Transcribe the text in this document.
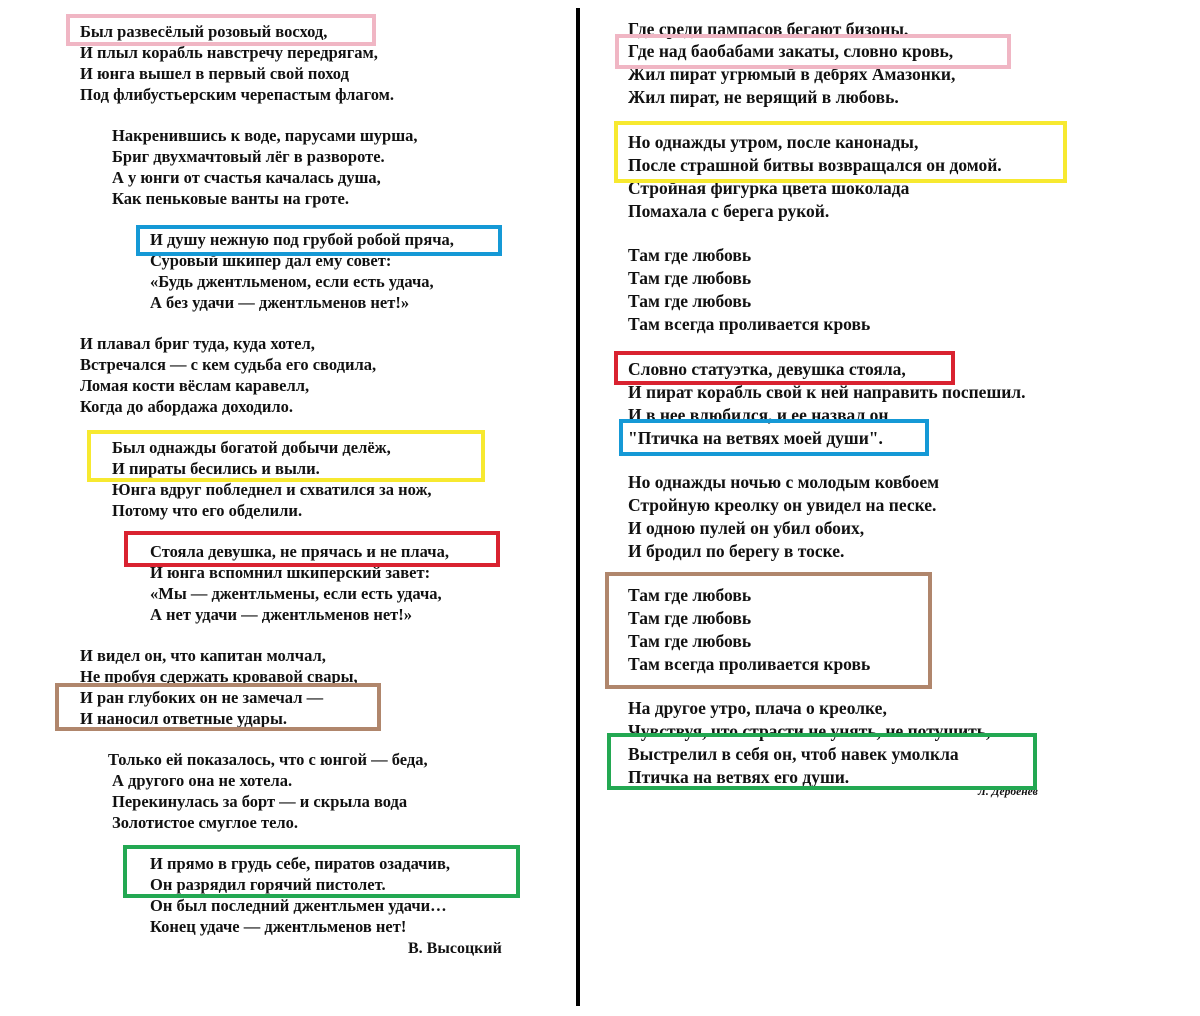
Был развесёлый розовый восход,
И плыл корабль навстречу передрягам,
И юнга вышел в первый свой поход
Под флибустьерским черепастым флагом.
Накренившись к воде, парусами шурша,
Бриг двухмачтовый лёг в развороте.
А у юнги от счастья качалась душа,
Как пеньковые ванты на гроте.
И душу нежную под грубой робой пряча,
Суровый шкипер дал ему совет:
«Будь джентльменом, если есть удача,
А без удачи — джентльменов нет!»
И плавал бриг туда, куда хотел,
Встречался — с кем судьба его сводила,
Ломая кости вёслам каравелл,
Когда до абордажа доходило.
Был однажды богатой добычи делёж,
И пираты бесились и выли.
Юнга вдруг побледнел и схватился за нож,
Потому что его обделили.
Стояла девушка, не прячась и не плача,
И юнга вспомнил шкиперский завет:
«Мы — джентльмены, если есть удача,
А нет удачи — джентльменов нет!»
И видел он, что капитан молчал,
Не пробуя сдержать кровавой свары,
И ран глубоких он не замечал —
И наносил ответные удары.
Только ей показалось, что с юнгой — беда,
А другого она не хотела.
Перекинулась за борт — и скрыла вода
Золотистое смуглое тело.
И прямо в грудь себе, пиратов озадачив,
Он разрядил горячий пистолет.
Он был последний джентльмен удачи…
Конец удаче — джентльменов нет!
В. Высоцкий
Где среди пампасов бегают бизоны,
Где над баобабами закаты, словно кровь,
Жил пират угрюмый в дебрях Амазонки,
Жил пират, не верящий в любовь.
Но однажды утром, после канонады,
После страшной битвы возвращался он домой.
Стройная фигурка цвета шоколада
Помахала с берега рукой.
Там где любовь
Там где любовь
Там где любовь
Там всегда проливается кровь
Словно статуэтка, девушка стояла,
И пират корабль свой к ней направить поспешил.
И в нее влюбился, и ее назвал он
"Птичка на ветвях моей души".
Но однажды ночью с молодым ковбоем
Стройную креолку он увидел на песке.
И одною пулей он убил обоих,
И бродил по берегу в тоске.
Там где любовь
Там где любовь
Там где любовь
Там всегда проливается кровь
На другое утро, плача о креолке,
Чувствуя, что страсти не унять, не потушить,
Выстрелил в себя он, чтоб навек умолкла
Птичка на ветвях его души.
Л. Дербенев
